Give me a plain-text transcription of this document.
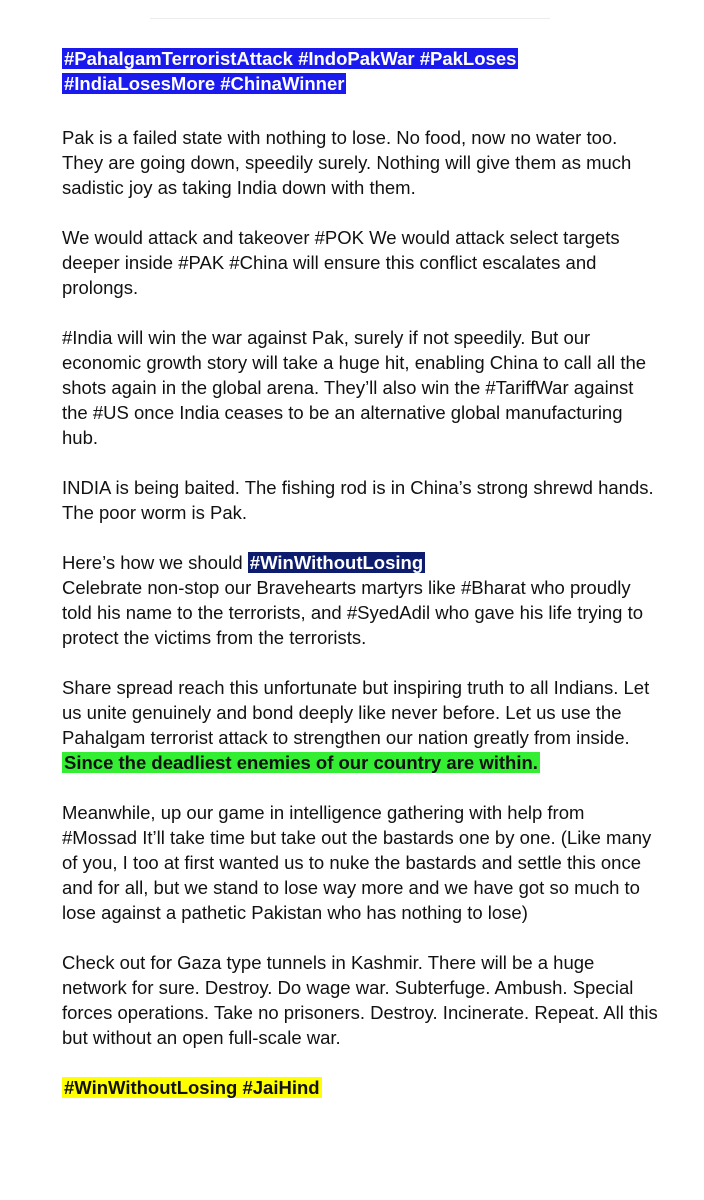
#PahalgamTerroristAttack #IndoPakWar #PakLoses
#IndiaLosesMore #ChinaWinner

Pak is a failed state with nothing to lose. No food, now no water too. They are going down, speedily surely. Nothing will give them as much sadistic joy as taking India down with them.

We would attack and takeover #POK We would attack select targets deeper inside #PAK #China will ensure this conflict escalates and prolongs.

#India will win the war against Pak, surely if not speedily. But our economic growth story will take a huge hit, enabling China to call all the shots again in the global arena. They’ll also win the #TariffWar against the #US once India ceases to be an alternative global manufacturing hub.

INDIA is being baited. The fishing rod is in China’s strong shrewd hands. The poor worm is Pak.

Here’s how we should #WinWithoutLosing
Celebrate non-stop our Bravehearts martyrs like #Bharat who proudly told his name to the terrorists, and #SyedAdil who gave his life trying to protect the victims from the terrorists.

Share spread reach this unfortunate but inspiring truth to all Indians. Let us unite genuinely and bond deeply like never before. Let us use the Pahalgam terrorist attack to strengthen our nation greatly from inside. Since the deadliest enemies of our country are within.

Meanwhile, up our game in intelligence gathering with help from #Mossad It’ll take time but take out the bastards one by one. (Like many of you, I too at first wanted us to nuke the bastards and settle this once and for all, but we stand to lose way more and we have got so much to lose against a pathetic Pakistan who has nothing to lose)

Check out for Gaza type tunnels in Kashmir. There will be a huge network for sure. Destroy. Do wage war. Subterfuge. Ambush. Special forces operations. Take no prisoners. Destroy. Incinerate. Repeat. All this but without an open full-scale war.

#WinWithoutLosing #JaiHind
